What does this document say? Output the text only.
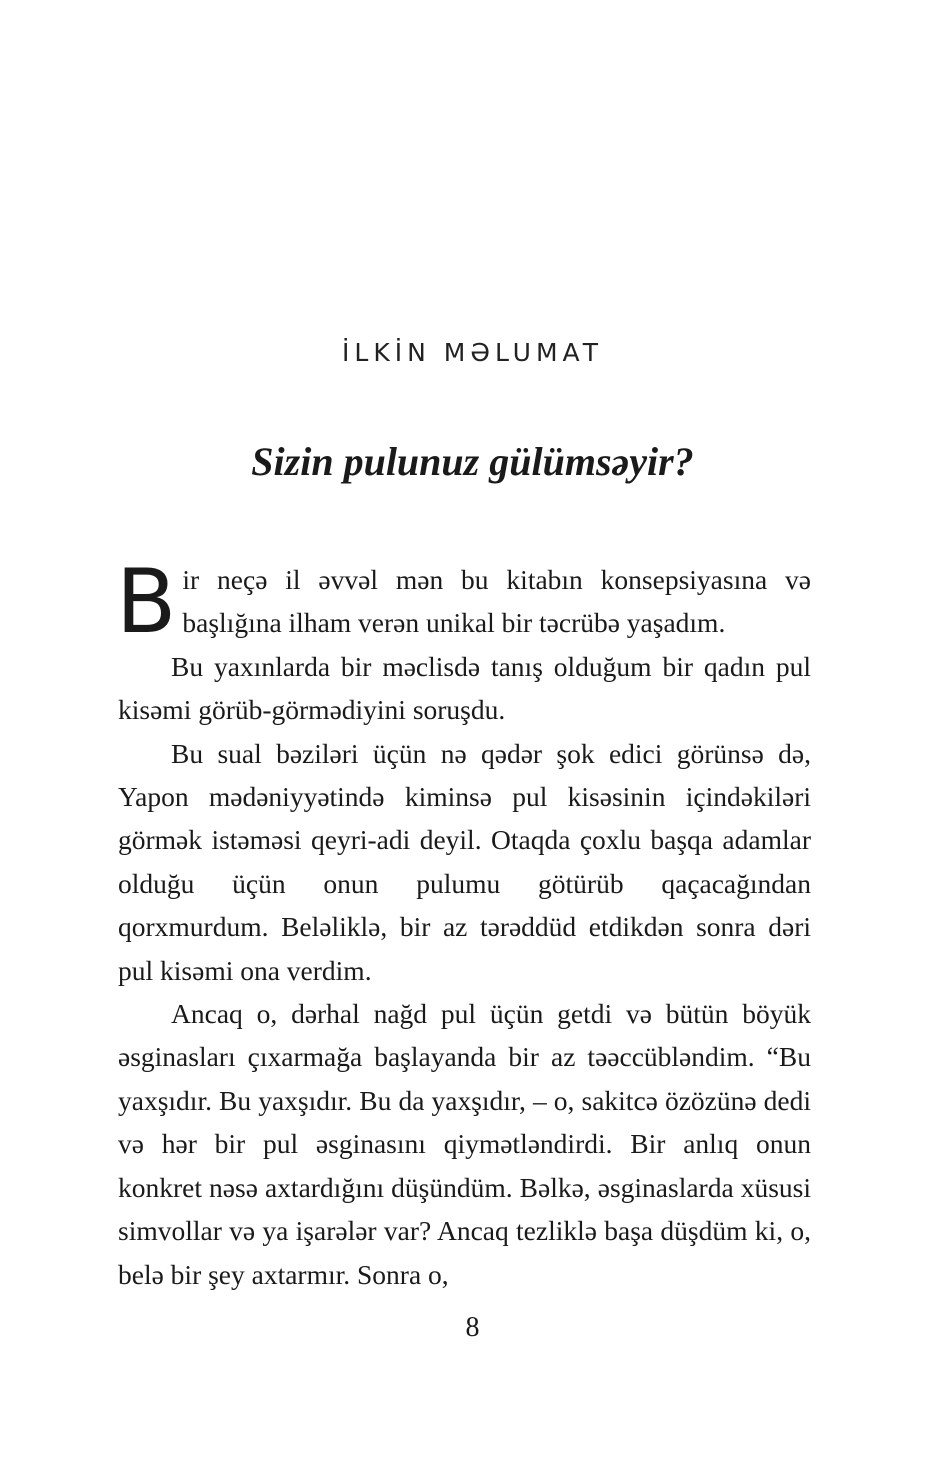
İLKİN MƏLUMAT
Sizin pulunuz gülümsəyir?

Bir neçə il əvvəl mən bu kitabın konsepsiyasına və başlığına ilham verən unikal bir təcrübə yaşadım.

Bu yaxınlarda bir məclisdə tanış olduğum bir qadın pul kisəmi görüb-görmədiyini soruşdu.

Bu sual bəziləri üçün nə qədər şok edici görünsə də, Yapon mədəniyyətində kiminsə pul kisəsinin içindəkiləri görmək istəməsi qeyri-adi deyil. Otaqda çoxlu başqa adamlar olduğu üçün onun pulumu götürüb qaçacağından qorxmurdum. Beləliklə, bir az tərəddüd etdikdən sonra dəri pul kisəmi ona verdim.

Ancaq o, dərhal nağd pul üçün getdi və bütün böyük əsginasları çıxarmağa başlayanda bir az təəccübləndim. “Bu yaxşıdır. Bu yaxşıdır. Bu da yaxşıdır, – o, sakitcə özözünə dedi və hər bir pul əsginasını qiymətləndirdi. Bir anlıq onun konkret nəsə axtardığını düşündüm. Bəlkə, əsginaslarda xüsusi simvollar və ya işarələr var? Ancaq tezliklə başa düşdüm ki, o, belə bir şey axtarmır. Sonra o,

8
